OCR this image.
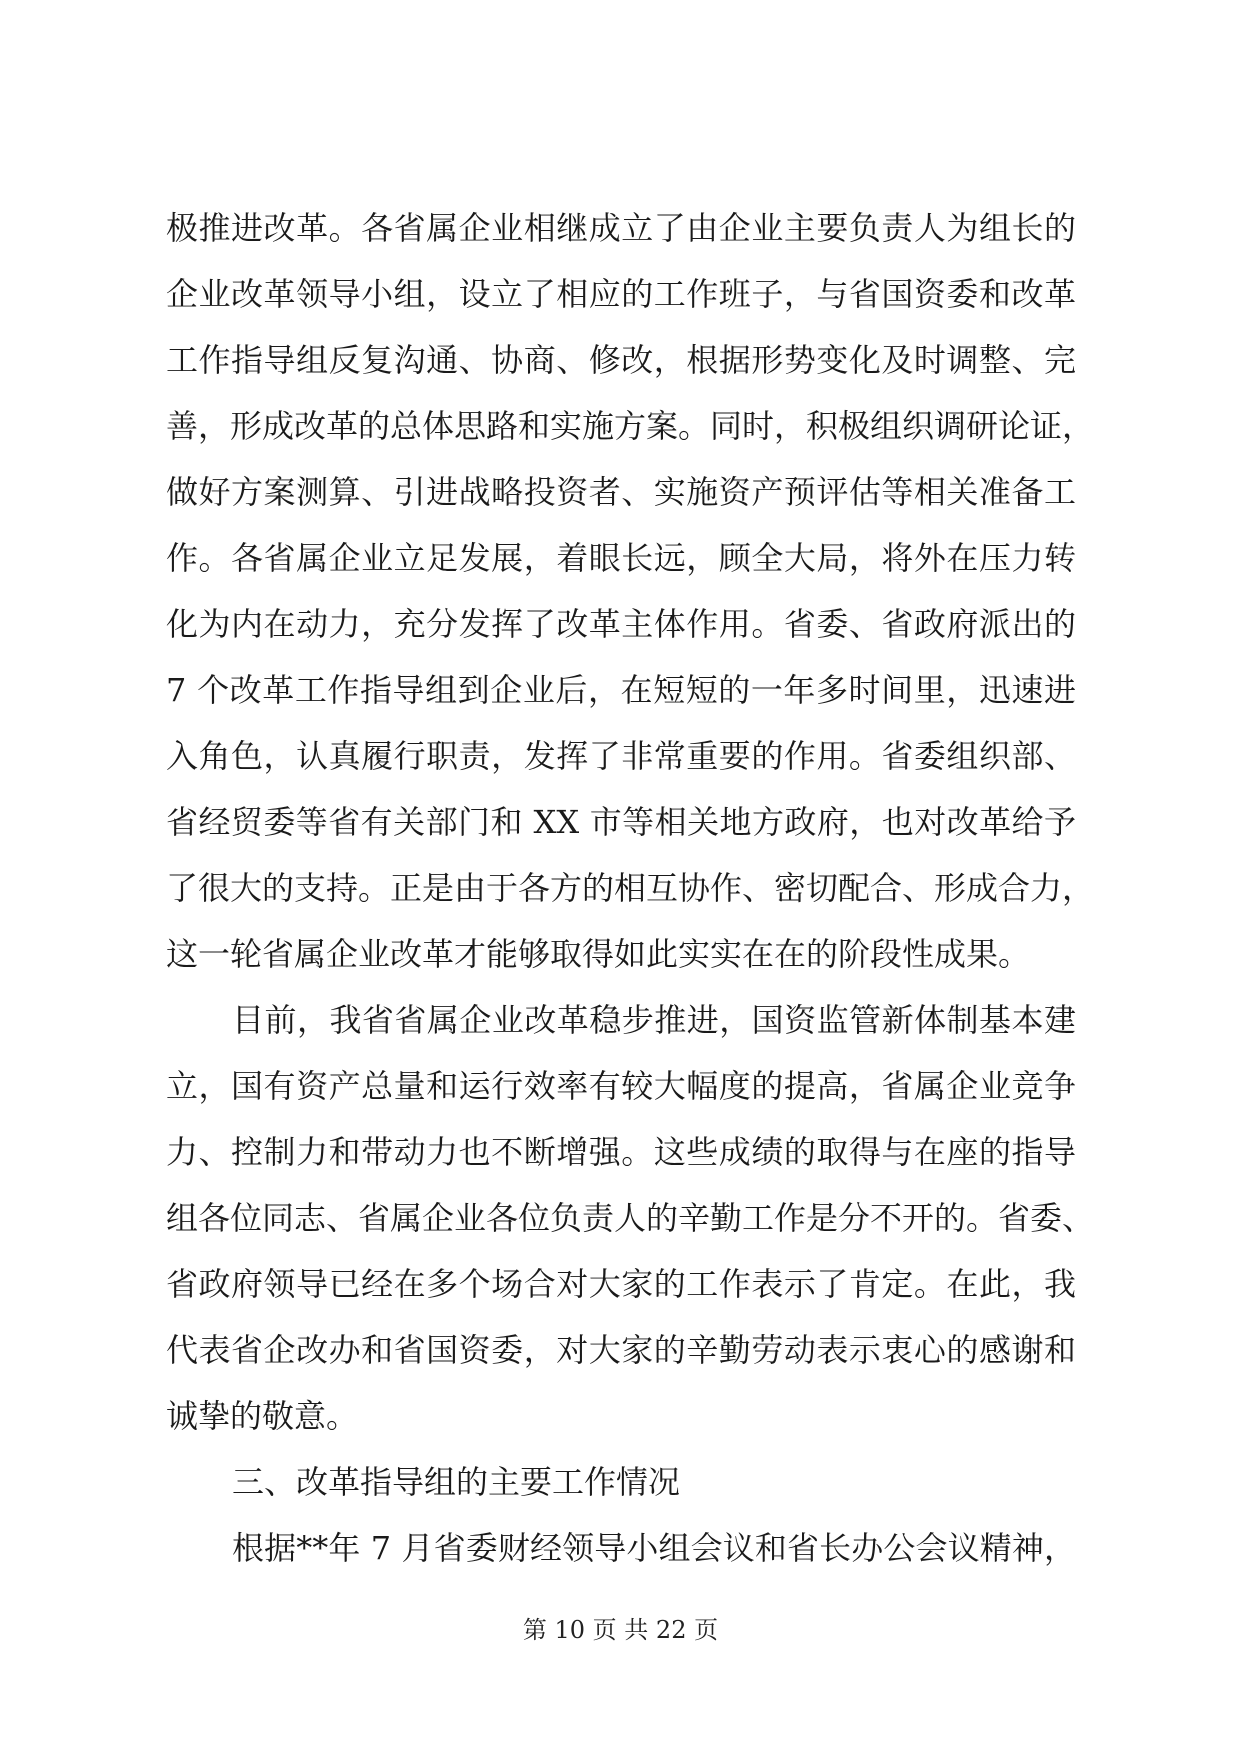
极推进改革。各省属企业相继成立了由企业主要负责人为组长的
企业改革领导小组，设立了相应的工作班子，与省国资委和改革
工作指导组反复沟通、协商、修改，根据形势变化及时调整、完
善，形成改革的总体思路和实施方案。同时，积极组织调研论证，
做好方案测算、引进战略投资者、实施资产预评估等相关准备工
作。各省属企业立足发展，着眼长远，顾全大局，将外在压力转
化为内在动力，充分发挥了改革主体作用。省委、省政府派出的
7 个改革工作指导组到企业后，在短短的一年多时间里，迅速进
入角色，认真履行职责，发挥了非常重要的作用。省委组织部、
省经贸委等省有关部门和 XX 市等相关地方政府，也对改革给予
了很大的支持。正是由于各方的相互协作、密切配合、形成合力，
这一轮省属企业改革才能够取得如此实实在在的阶段性成果。
目前，我省省属企业改革稳步推进，国资监管新体制基本建
立，国有资产总量和运行效率有较大幅度的提高，省属企业竞争
力、控制力和带动力也不断增强。这些成绩的取得与在座的指导
组各位同志、省属企业各位负责人的辛勤工作是分不开的。省委、
省政府领导已经在多个场合对大家的工作表示了肯定。在此，我
代表省企改办和省国资委，对大家的辛勤劳动表示衷心的感谢和
诚挚的敬意。
三、改革指导组的主要工作情况
根据**年 7 月省委财经领导小组会议和省长办公会议精神，
第 10 页 共 22 页
